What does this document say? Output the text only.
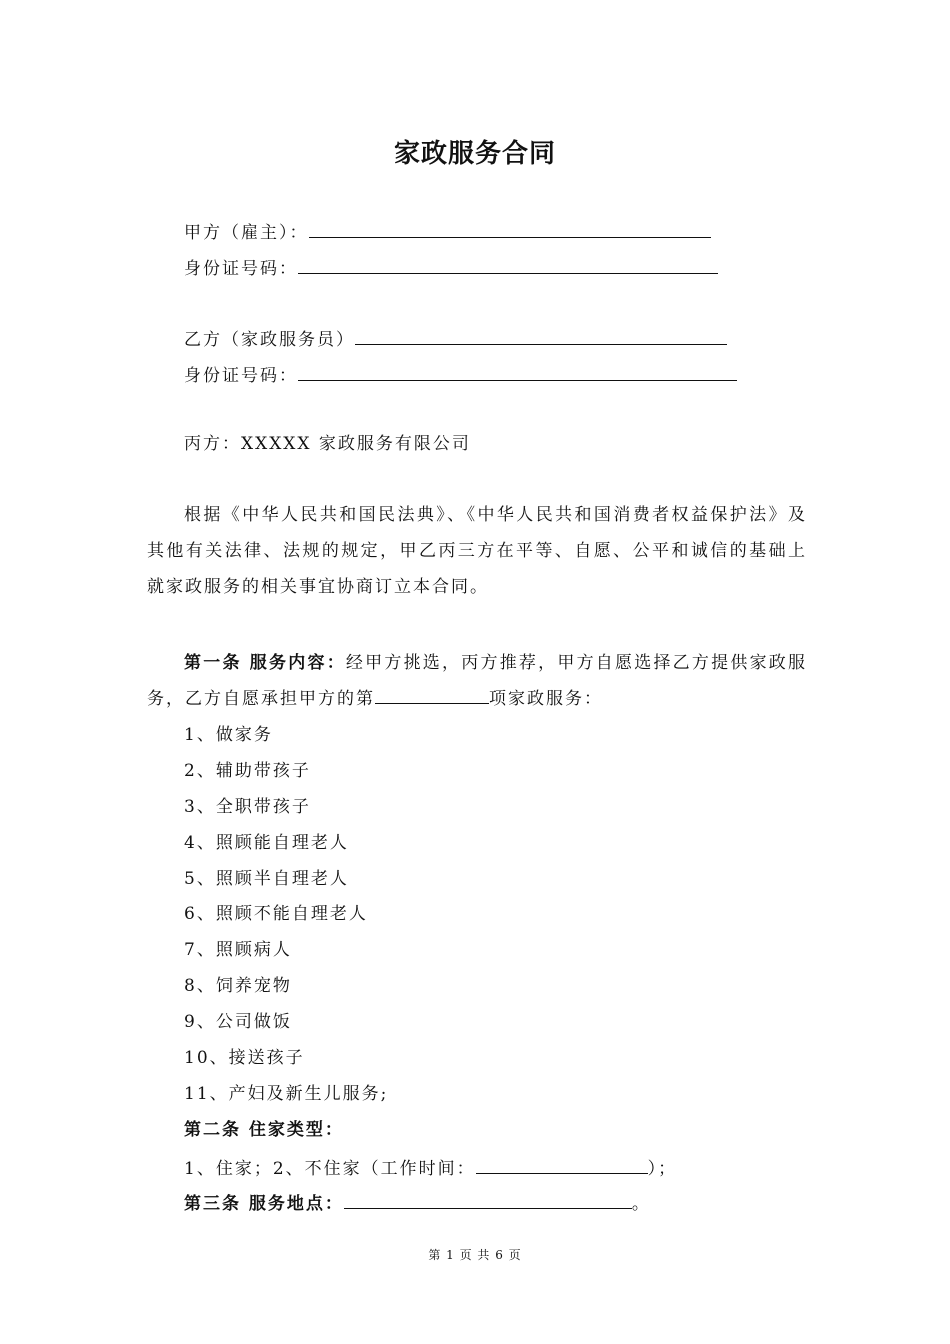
家政服务合同
甲方（雇主）：
身份证号码：
乙方（家政服务员）
身份证号码：
丙方：XXXXX 家政服务有限公司
根据《中华人民共和国民法典》、《中华人民共和国消费者权益保护法》及其他有关法律、法规的规定，甲乙丙三方在平等、自愿、公平和诚信的基础上就家政服务的相关事宜协商订立本合同。
第一条 服务内容：经甲方挑选，丙方推荐，甲方自愿选择乙方提供家政服务，乙方自愿承担甲方的第	项家政服务：
1、做家务
2、辅助带孩子
3、全职带孩子
4、照顾能自理老人
5、照顾半自理老人
6、照顾不能自理老人
7、照顾病人
8、饲养宠物
9、公司做饭
10、接送孩子
11、产妇及新生儿服务;
第二条 住家类型：
1、住家；2、不住家（工作时间：	）；
第三条 服务地点：	。
第 1 页 共 6 页
